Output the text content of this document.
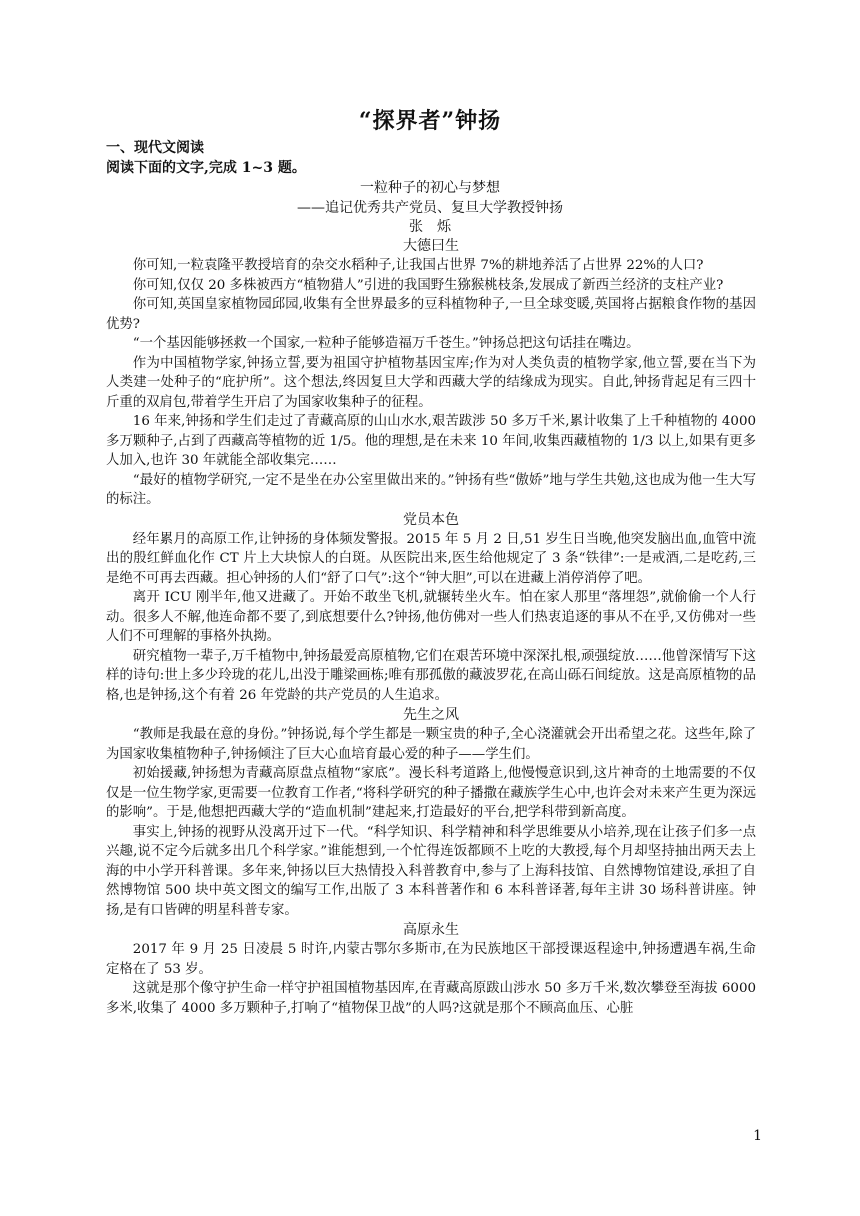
“探界者”钟扬
一、现代文阅读
阅读下面的文字,完成 1~3 题。
一粒种子的初心与梦想
——追记优秀共产党员、复旦大学教授钟扬
张　烁

大德曰生

你可知,一粒袁隆平教授培育的杂交水稻种子,让我国占世界 7%的耕地养活了占世界 22%的人口?

你可知,仅仅 20 多株被西方“植物猎人”引进的我国野生猕猴桃枝条,发展成了新西兰经济的支柱产业?

你可知,英国皇家植物园邱园,收集有全世界最多的豆科植物种子,一旦全球变暖,英国将占据粮食作物的基因优势?

“一个基因能够拯救一个国家,一粒种子能够造福万千苍生。”钟扬总把这句话挂在嘴边。

作为中国植物学家,钟扬立誓,要为祖国守护植物基因宝库;作为对人类负责的植物学家,他立誓,要在当下为人类建一处种子的“庇护所”。这个想法,终因复旦大学和西藏大学的结缘成为现实。自此,钟扬背起足有三四十斤重的双肩包,带着学生开启了为国家收集种子的征程。

16 年来,钟扬和学生们走过了青藏高原的山山水水,艰苦跋涉 50 多万千米,累计收集了上千种植物的 4000 多万颗种子,占到了西藏高等植物的近 1/5。他的理想,是在未来 10 年间,收集西藏植物的 1/3 以上,如果有更多人加入,也许 30 年就能全部收集完……

“最好的植物学研究,一定不是坐在办公室里做出来的。”钟扬有些“傲娇”地与学生共勉,这也成为他一生大写的标注。

党员本色

经年累月的高原工作,让钟扬的身体频发警报。2015 年 5 月 2 日,51 岁生日当晚,他突发脑出血,血管中流出的殷红鲜血化作 CT 片上大块惊人的白斑。从医院出来,医生给他规定了 3 条“铁律”:一是戒酒,二是吃药,三是绝不可再去西藏。担心钟扬的人们“舒了口气”:这个“钟大胆”,可以在进藏上消停消停了吧。

离开 ICU 刚半年,他又进藏了。开始不敢坐飞机,就辗转坐火车。怕在家人那里“落埋怨”,就偷偷一个人行动。很多人不解,他连命都不要了,到底想要什么?钟扬,他仿佛对一些人们热衷追逐的事从不在乎,又仿佛对一些人们不可理解的事格外执拗。

研究植物一辈子,万千植物中,钟扬最爱高原植物,它们在艰苦环境中深深扎根,顽强绽放……他曾深情写下这样的诗句:世上多少玲珑的花儿,出没于雕梁画栋;唯有那孤傲的藏波罗花,在高山砾石间绽放。这是高原植物的品格,也是钟扬,这个有着 26 年党龄的共产党员的人生追求。

先生之风

“教师是我最在意的身份。”钟扬说,每个学生都是一颗宝贵的种子,全心浇灌就会开出希望之花。这些年,除了为国家收集植物种子,钟扬倾注了巨大心血培育最心爱的种子——学生们。

初始援藏,钟扬想为青藏高原盘点植物“家底”。漫长科考道路上,他慢慢意识到,这片神奇的土地需要的不仅仅是一位生物学家,更需要一位教育工作者,“将科学研究的种子播撒在藏族学生心中,也许会对未来产生更为深远的影响”。于是,他想把西藏大学的“造血机制”建起来,打造最好的平台,把学科带到新高度。

事实上,钟扬的视野从没离开过下一代。“科学知识、科学精神和科学思维要从小培养,现在让孩子们多一点兴趣,说不定今后就多出几个科学家。”谁能想到,一个忙得连饭都顾不上吃的大教授,每个月却坚持抽出两天去上海的中小学开科普课。多年来,钟扬以巨大热情投入科普教育中,参与了上海科技馆、自然博物馆建设,承担了自然博物馆 500 块中英文图文的编写工作,出版了 3 本科普著作和 6 本科普译著,每年主讲 30 场科普讲座。钟扬,是有口皆碑的明星科普专家。

高原永生

2017 年 9 月 25 日凌晨 5 时许,内蒙古鄂尔多斯市,在为民族地区干部授课返程途中,钟扬遭遇车祸,生命定格在了 53 岁。

这就是那个像守护生命一样守护祖国植物基因库,在青藏高原跋山涉水 50 多万千米,数次攀登至海拔 6000 多米,收集了 4000 多万颗种子,打响了“植物保卫战”的人吗?这就是那个不顾高血压、心脏

1
